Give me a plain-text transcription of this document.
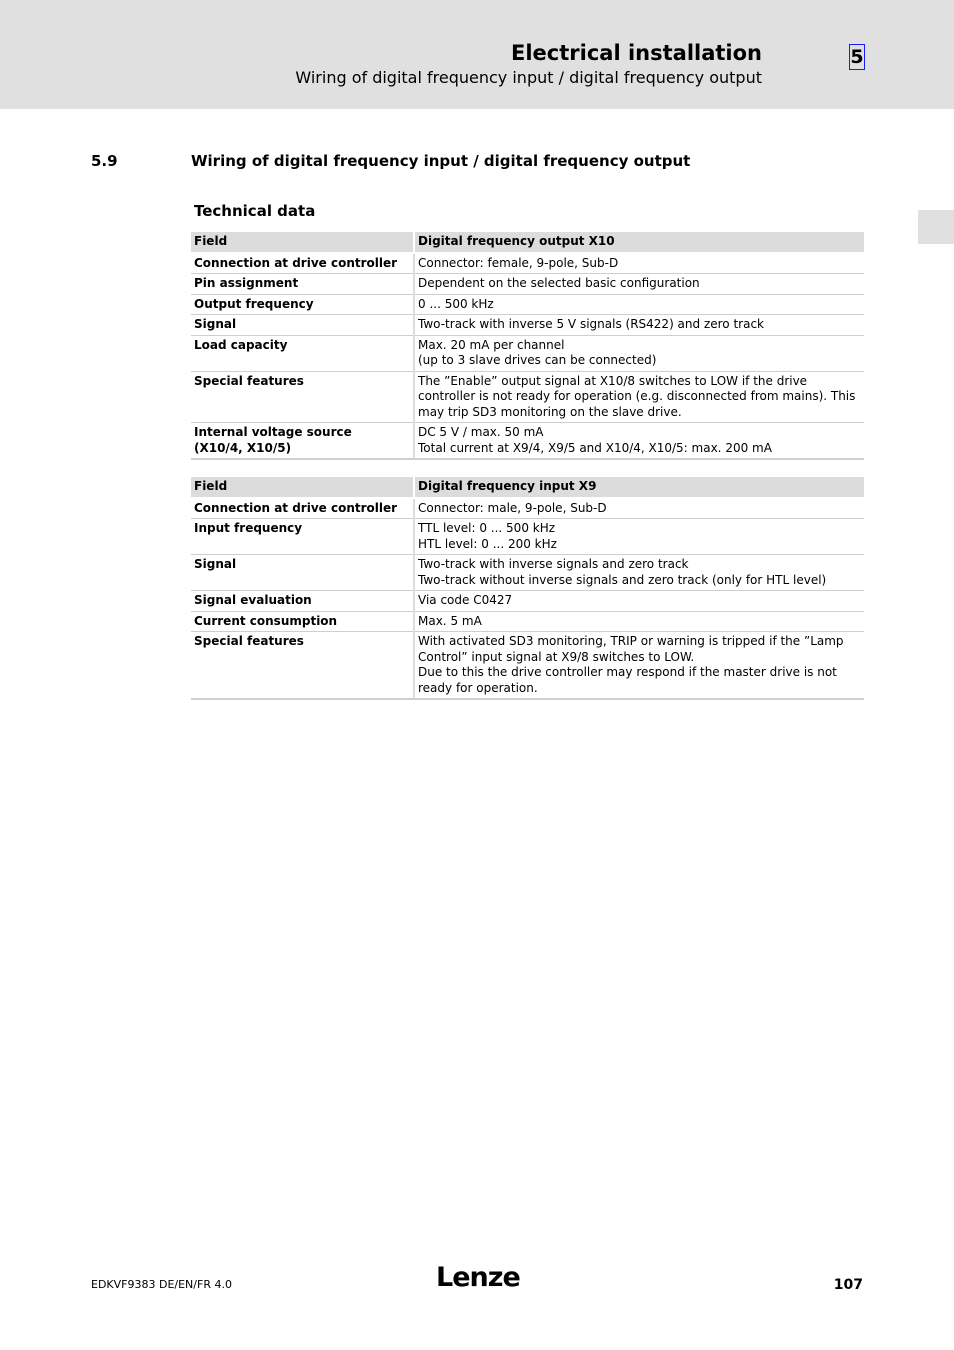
Electrical installation
Wiring of digital frequency input / digital frequency output
5
5.9	Wiring of digital frequency input / digital frequency output
Technical data
Field	Digital frequency output X10

Connection at drive controller	Connector: female, 9-pole, Sub-D

Pin assignment	Dependent on the selected basic configuration

Output frequency	0 ... 500 kHz

Signal	Two-track with inverse 5 V signals (RS422) and zero track

Load capacity	Max. 20 mA per channel
(up to 3 slave drives can be connected)

Special features	The ”Enable” output signal at X10/8 switches to LOW if the drive controller is not ready for operation (e.g. disconnected from mains). This may trip SD3 monitoring on the slave drive.

Internal voltage source
(X10/4, X10/5)	DC 5 V / max. 50 mA
Total current at X9/4, X9/5 and X10/4, X10/5: max. 200 mA
Field	Digital frequency input X9

Connection at drive controller	Connector: male, 9-pole, Sub-D

Input frequency	TTL level: 0 ... 500 kHz
HTL level: 0 ... 200 kHz

Signal	Two-track with inverse signals and zero track
Two-track without inverse signals and zero track (only for HTL level)

Signal evaluation	Via code C0427

Current consumption	Max. 5 mA

Special features	With activated SD3 monitoring, TRIP or warning is tripped if the ”Lamp Control” input signal at X9/8 switches to LOW.
Due to this the drive controller may respond if the master drive is not ready for operation.
EDKVF9383 DE/EN/FR 4.0	Lenze	107
